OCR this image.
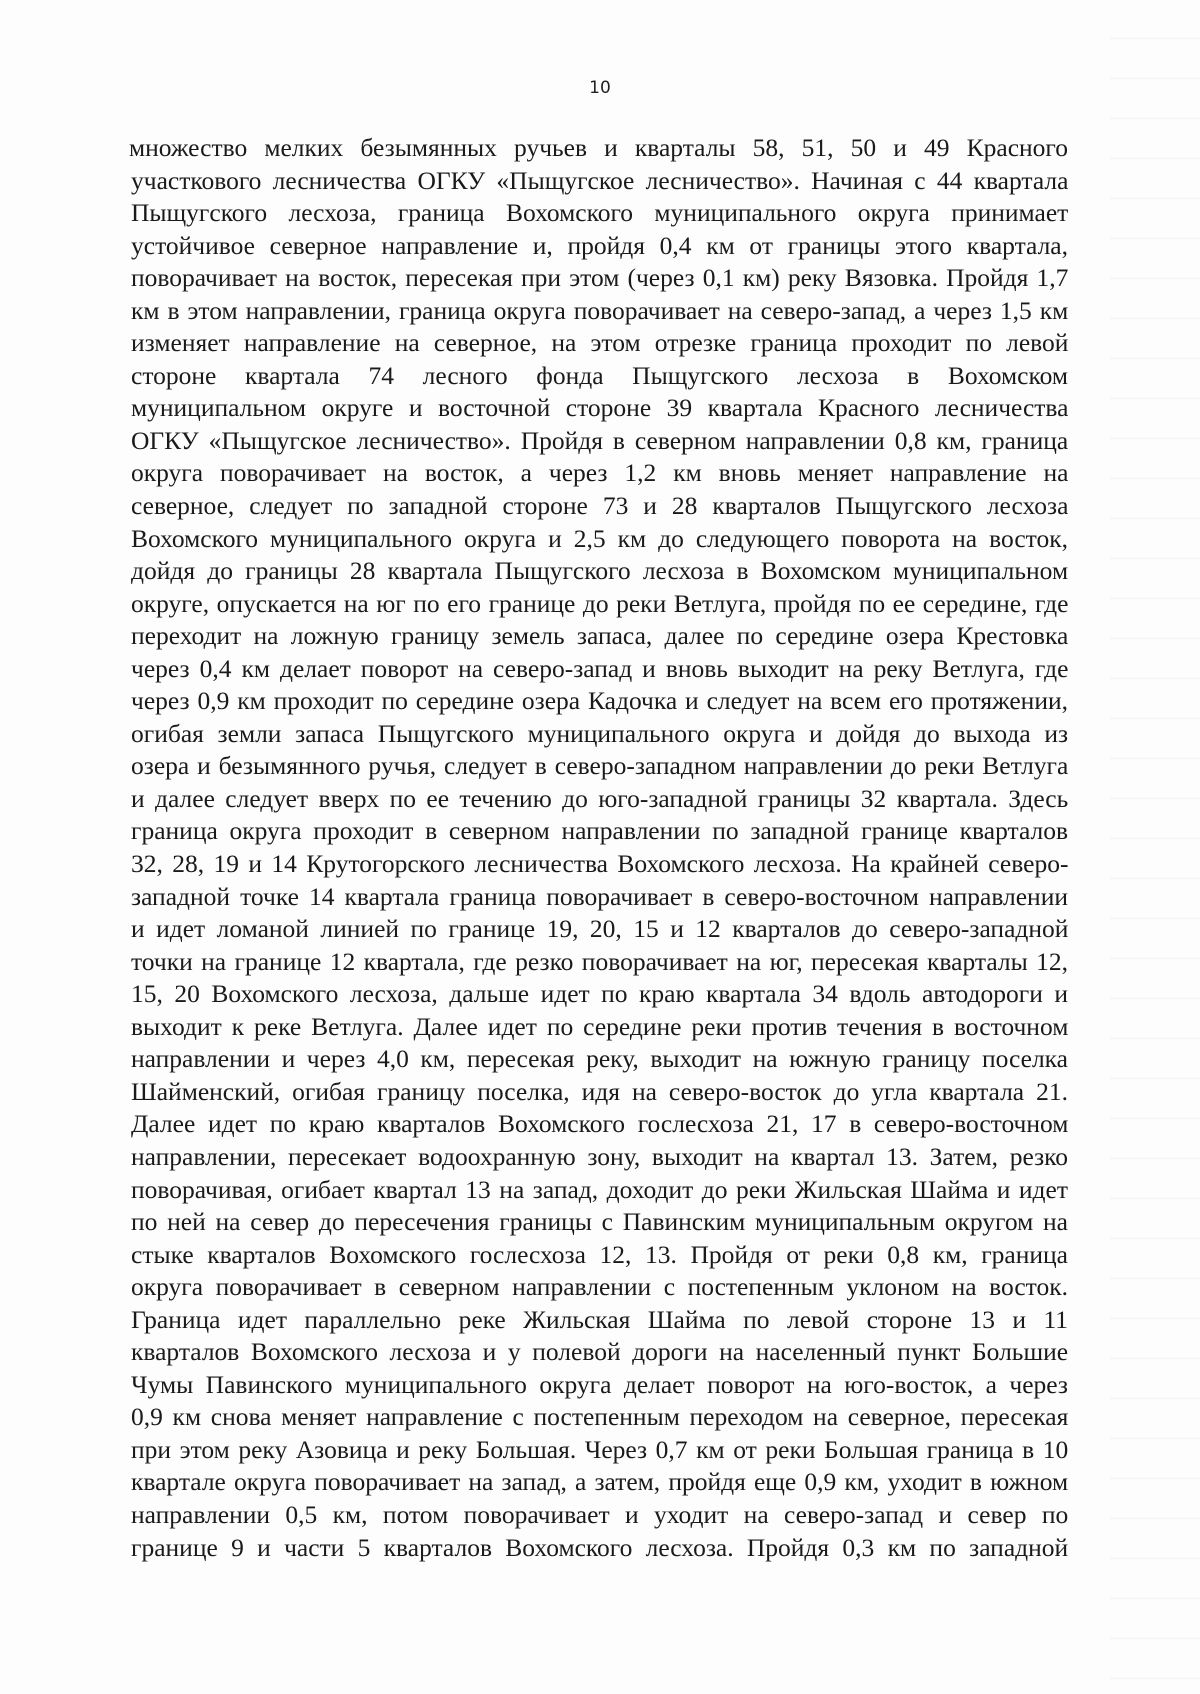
10
множество мелких безымянных ручьев и кварталы 58, 51, 50 и 49 Красного
участкового лесничества ОГКУ «Пыщугское лесничество». Начиная с 44 квартала
Пыщугского лесхоза, граница Вохомского муниципального округа принимает
устойчивое северное направление и, пройдя 0,4 км от границы этого квартала,
поворачивает на восток, пересекая при этом (через 0,1 км) реку Вязовка. Пройдя 1,7
км в этом направлении, граница округа поворачивает на северо-запад, а через 1,5 км
изменяет направление на северное, на этом отрезке граница проходит по левой
стороне квартала 74 лесного фонда Пыщугского лесхоза в Вохомском
муниципальном округе и восточной стороне 39 квартала Красного лесничества
ОГКУ «Пыщугское лесничество». Пройдя в северном направлении 0,8 км, граница
округа поворачивает на восток, а через 1,2 км вновь меняет направление на
северное, следует по западной стороне 73 и 28 кварталов Пыщугского лесхоза
Вохомского муниципального округа и 2,5 км до следующего поворота на восток,
дойдя до границы 28 квартала Пыщугского лесхоза в Вохомском муниципальном
округе, опускается на юг по его границе до реки Ветлуга, пройдя по ее середине, где
переходит на ложную границу земель запаса, далее по середине озера Крестовка
через 0,4 км делает поворот на северо-запад и вновь выходит на реку Ветлуга, где
через 0,9 км проходит по середине озера Кадочка и следует на всем его протяжении,
огибая земли запаса Пыщугского муниципального округа и дойдя до выхода из
озера и безымянного ручья, следует в северо-западном направлении до реки Ветлуга
и далее следует вверх по ее течению до юго-западной границы 32 квартала. Здесь
граница округа проходит в северном направлении по западной границе кварталов
32, 28, 19 и 14 Крутогорского лесничества Вохомского лесхоза. На крайней северо-
западной точке 14 квартала граница поворачивает в северо-восточном направлении
и идет ломаной линией по границе 19, 20, 15 и 12 кварталов до северо-западной
точки на границе 12 квартала, где резко поворачивает на юг, пересекая кварталы 12,
15, 20 Вохомского лесхоза, дальше идет по краю квартала 34 вдоль автодороги и
выходит к реке Ветлуга. Далее идет по середине реки против течения в восточном
направлении и через 4,0 км, пересекая реку, выходит на южную границу поселка
Шайменский, огибая границу поселка, идя на северо-восток до угла квартала 21.
Далее идет по краю кварталов Вохомского гослесхоза 21, 17 в северо-восточном
направлении, пересекает водоохранную зону, выходит на квартал 13. Затем, резко
поворачивая, огибает квартал 13 на запад, доходит до реки Жильская Шайма и идет
по ней на север до пересечения границы с Павинским муниципальным округом на
стыке кварталов Вохомского гослесхоза 12, 13. Пройдя от реки 0,8 км, граница
округа поворачивает в северном направлении с постепенным уклоном на восток.
Граница идет параллельно реке Жильская Шайма по левой стороне 13 и 11
кварталов Вохомского лесхоза и у полевой дороги на населенный пункт Большие
Чумы Павинского муниципального округа делает поворот на юго-восток, а через
0,9 км снова меняет направление с постепенным переходом на северное, пересекая
при этом реку Азовица и реку Большая. Через 0,7 км от реки Большая граница в 10
квартале округа поворачивает на запад, а затем, пройдя еще 0,9 км, уходит в южном
направлении 0,5 км, потом поворачивает и уходит на северо-запад и север по
границе 9 и части 5 кварталов Вохомского лесхоза. Пройдя 0,3 км по западной
